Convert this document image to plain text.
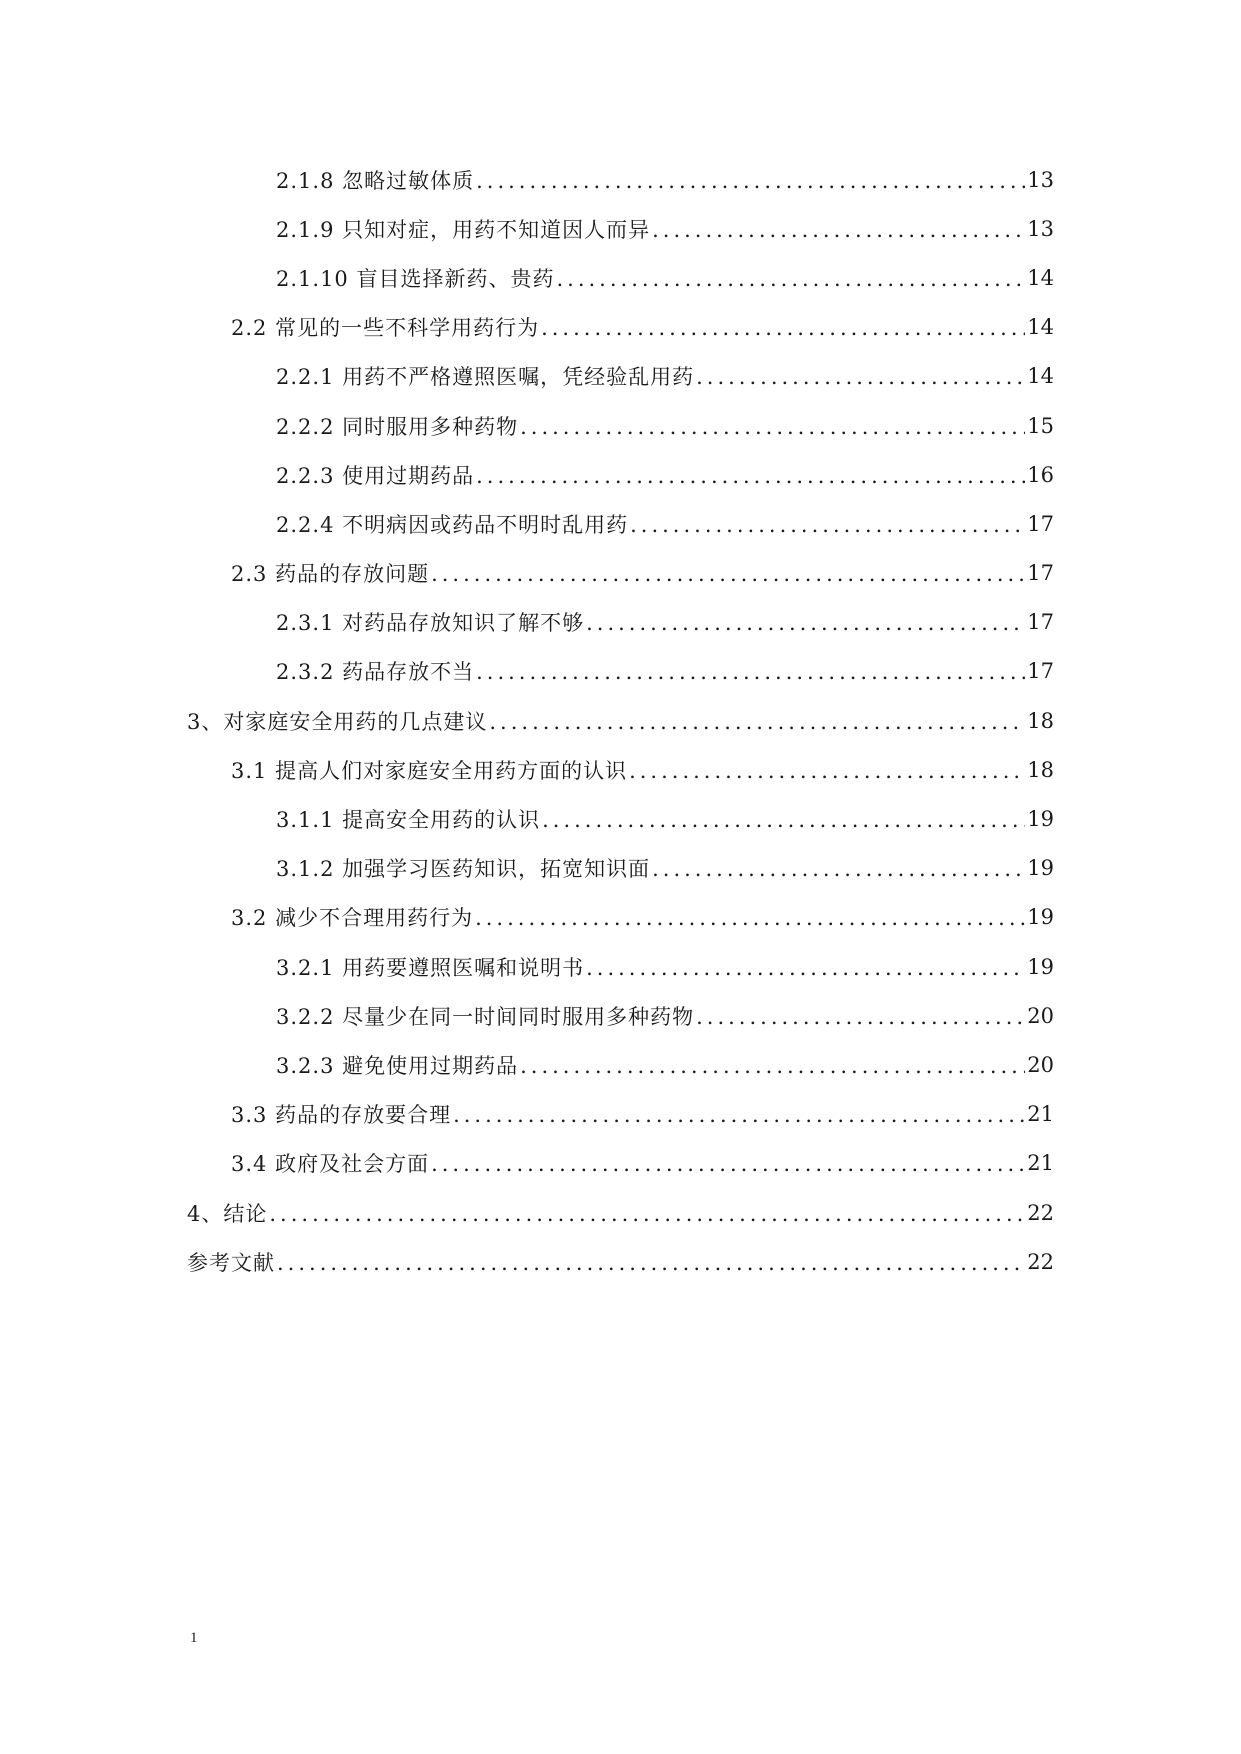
2.1.8 忽略过敏体质 .....	13
2.1.9 只知对症，用药不知道因人而异 .....	13
2.1.10 盲目选择新药、贵药 .....	14
2.2 常见的一些不科学用药行为 .....	14
2.2.1 用药不严格遵照医嘱，凭经验乱用药 .....	14
2.2.2 同时服用多种药物 .....	15
2.2.3 使用过期药品 .....	16
2.2.4 不明病因或药品不明时乱用药 .....	17
2.3 药品的存放问题 .....	17
2.3.1 对药品存放知识了解不够 .....	17
2.3.2 药品存放不当 .....	17
3、对家庭安全用药的几点建议 .....	18
3.1 提高人们对家庭安全用药方面的认识 .....	18
3.1.1 提高安全用药的认识 .....	19
3.1.2 加强学习医药知识，拓宽知识面 .....	19
3.2 减少不合理用药行为 .....	19
3.2.1 用药要遵照医嘱和说明书 .....	19
3.2.2 尽量少在同一时间同时服用多种药物 .....	20
3.2.3 避免使用过期药品 .....	20
3.3 药品的存放要合理 .....	21
3.4 政府及社会方面 .....	21
4、结论 .....	22
参考文献 .....	22
1
